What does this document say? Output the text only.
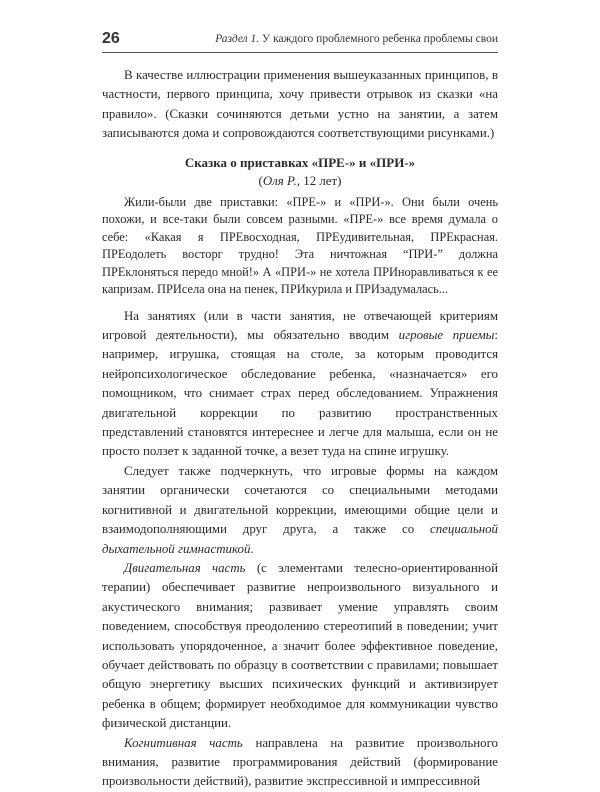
26	Раздел 1. У каждого проблемного ребенка проблемы свои

В качестве иллюстрации применения вышеуказанных принципов, в частности, первого принципа, хочу привести отрывок из сказки «на правило». (Сказки сочиняются детьми устно на занятии, а затем записываются дома и сопровождаются соответствующими рисунками.)

Сказка о приставках «ПРЕ-» и «ПРИ-»
(Оля Р., 12 лет)

Жили-были две приставки: «ПРЕ-» и «ПРИ-». Они были очень похожи, и все-таки были совсем разными. «ПРЕ-» все время думала о себе: «Какая я ПРЕвосходная, ПРЕудивительная, ПРЕкрасная. ПРЕодолеть восторг трудно! Эта ничтожная “ПРИ-” должна ПРЕклоняться передо мной!» А «ПРИ-» не хотела ПРИноравливаться к ее капризам. ПРИсела она на пенек, ПРИкурила и ПРИзадумалась...

На занятиях (или в части занятия, не отвечающей критериям игровой деятельности), мы обязательно вводим игровые приемы: например, игрушка, стоящая на столе, за которым проводится нейропсихологическое обследование ребенка, «назначается» его помощником, что снимает страх перед обследованием. Упражнения двигательной коррекции по развитию пространственных представлений становятся интереснее и легче для малыша, если он не просто ползет к заданной точке, а везет туда на спине игрушку.

Следует также подчеркнуть, что игровые формы на каждом занятии органически сочетаются со специальными методами когнитивной и двигательной коррекции, имеющими общие цели и взаимодополняющими друг друга, а также со специальной дыхательной гимнастикой.

Двигательная часть (с элементами телесно-ориентированной терапии) обеспечивает развитие непроизвольного визуального и акустического внимания; развивает умение управлять своим поведением, способствуя преодолению стереотипий в поведении; учит использовать упорядоченное, а значит более эффективное поведение, обучает действовать по образцу в соответствии с правилами; повышает общую энергетику высших психических функций и активизирует ребенка в общем; формирует необходимое для коммуникации чувство физической дистанции.

Когнитивная часть направлена на развитие произвольного внимания, развитие программирования действий (формирование произвольности действий), развитие экспрессивной и импрессивной
